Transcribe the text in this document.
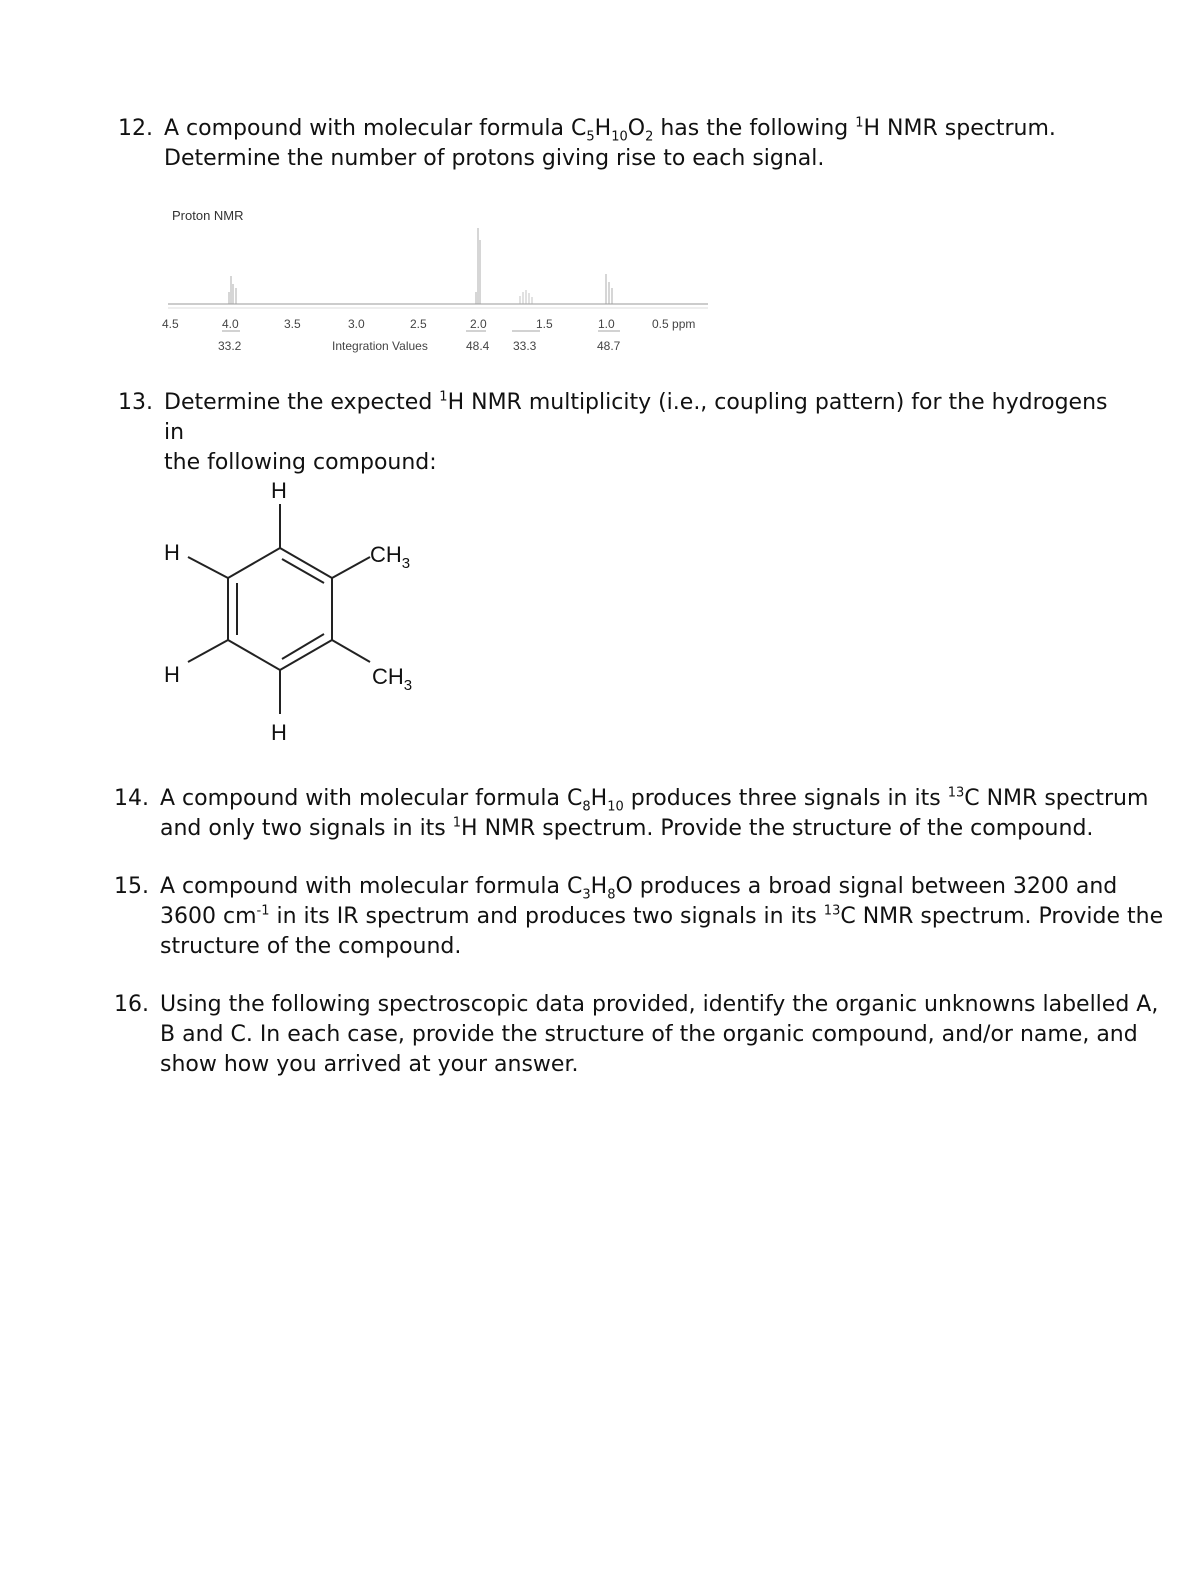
12. A compound with molecular formula $C_5H_{10}O_2$ has the following $^1$H NMR spectrum.
Determine the number of protons giving rise to each signal.
Proton NMR
4.5	4.0	3.5	3.0	2.5	2.0	1.5	1.0	0.5 ppm
33.2	Integration Values	48.4 33.3	48.7
13. Determine the expected $^1$H NMR multiplicity (i.e., coupling pattern) for the hydrogens in
the following compound:
H
H
H
H
$CH_3$
$CH_3$
14. A compound with molecular formula $C_8H_{10}$ produces three signals in its $^{13}$C NMR spectrum
and only two signals in its $^1$H NMR spectrum. Provide the structure of the compound.
15. A compound with molecular formula $C_3H_8O$ produces a broad signal between 3200 and
3600 $cm^{-1}$ in its IR spectrum and produces two signals in its $^{13}$C NMR spectrum. Provide the
structure of the compound.
16. Using the following spectroscopic data provided, identify the organic unknowns labelled A,
B and C. In each case, provide the structure of the organic compound, and/or name, and
show how you arrived at your answer.
